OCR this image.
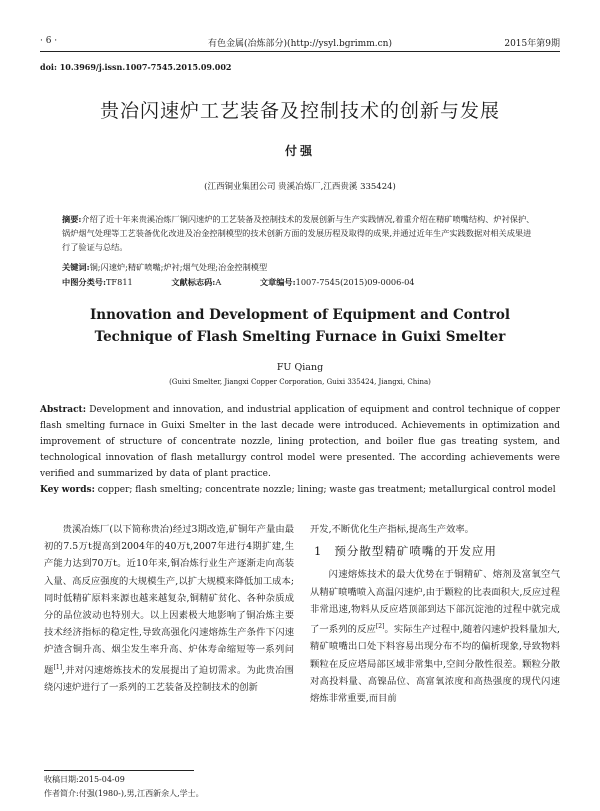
· 6 ·	有色金属(冶炼部分)(http://ysyl.bgrimm.cn)	2015年第9期
doi: 10.3969/j.issn.1007-7545.2015.09.002
贵冶闪速炉工艺装备及控制技术的创新与发展
付强
(江西铜业集团公司 贵溪冶炼厂,江西贵溪 335424)
摘要:介绍了近十年来贵溪冶炼厂铜闪速炉的工艺装备及控制技术的发展创新与生产实践情况,着重介绍在精矿喷嘴结构、炉衬保护、锅炉烟气处理等工艺装备优化改进及冶金控制模型的技术创新方面的发展历程及取得的成果,并通过近年生产实践数据对相关成果进行了验证与总结。
关键词:铜;闪速炉;精矿喷嘴;炉衬;烟气处理;冶金控制模型
中图分类号:TF811	文献标志码:A	文章编号:1007-7545(2015)09-0006-04
Innovation and Development of Equipment and Control
Technique of Flash Smelting Furnace in Guixi Smelter
FU Qiang
(Guixi Smelter, Jiangxi Copper Corporation, Guixi 335424, Jiangxi, China)
Abstract: Development and innovation, and industrial application of equipment and control technique of copper flash smelting furnace in Guixi Smelter in the last decade were introduced. Achievements in optimization and improvement of structure of concentrate nozzle, lining protection, and boiler flue gas treating system, and technological innovation of flash metallurgy control model were presented. The according achievements were verified and summarized by data of plant practice.
Key words: copper; flash smelting; concentrate nozzle; lining; waste gas treatment; metallurgical control model
贵溪冶炼厂(以下简称贵冶)经过3期改造,矿铜年产量由最初的7.5万t提高到2004年的40万t,2007年进行4期扩建,生产能力达到70万t。近10年来,铜冶炼行业生产逐渐走向高装入量、高反应强度的大规模生产,以扩大规模来降低加工成本;同时低精矿原料来源也越来越复杂,铜精矿贫化、各种杂质成分的品位波动也特别大。以上因素极大地影响了铜冶炼主要技术经济指标的稳定性,导致高强化闪速熔炼生产条件下闪速炉渣含铜升高、烟尘发生率升高、炉体寿命缩短等一系列问题[1],并对闪速熔炼技术的发展提出了迫切需求。为此贵冶围绕闪速炉进行了一系列的工艺装备及控制技术的创新
开发,不断优化生产指标,提高生产效率。
1 预分散型精矿喷嘴的开发应用
闪速熔炼技术的最大优势在于铜精矿、熔剂及富氧空气从精矿喷嘴喷入高温闪速炉,由于颗粒的比表面积大,反应过程非常迅速,物料从反应塔顶部到达下部沉淀池的过程中就完成了一系列的反应[2]。实际生产过程中,随着闪速炉投料量加大,精矿喷嘴出口处下料容易出现分布不均的偏析现象,导致物料颗粒在反应塔局部区域非常集中,空间分散性很差。颗粒分散对高投料量、高镍品位、高富氧浓度和高热强度的现代闪速熔炼非常重要,而目前
收稿日期:2015-04-09
作者简介:付强(1980-),男,江西新余人,学士。
